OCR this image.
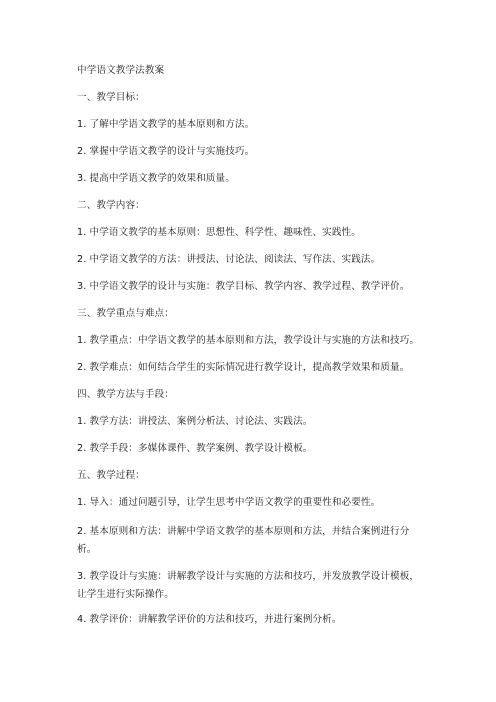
中学语文教学法教案
一、教学目标：
1. 了解中学语文教学的基本原则和方法。
2. 掌握中学语文教学的设计与实施技巧。
3. 提高中学语文教学的效果和质量。
二、教学内容：
1. 中学语文教学的基本原则：思想性、科学性、趣味性、实践性。
2. 中学语文教学的方法：讲授法、讨论法、阅读法、写作法、实践法。
3. 中学语文教学的设计与实施：教学目标、教学内容、教学过程、教学评价。
三、教学重点与难点：
1. 教学重点：中学语文教学的基本原则和方法，教学设计与实施的方法和技巧。
2. 教学难点：如何结合学生的实际情况进行教学设计，提高教学效果和质量。
四、教学方法与手段：
1. 教学方法：讲授法、案例分析法、讨论法、实践法。
2. 教学手段：多媒体课件、教学案例、教学设计模板。
五、教学过程：
1. 导入：通过问题引导，让学生思考中学语文教学的重要性和必要性。
2. 基本原则和方法：讲解中学语文教学的基本原则和方法，并结合案例进行分析。
3. 教学设计与实施：讲解教学设计与实施的方法和技巧，并发放教学设计模板，让学生进行实际操作。
4. 教学评价：讲解教学评价的方法和技巧，并进行案例分析。
